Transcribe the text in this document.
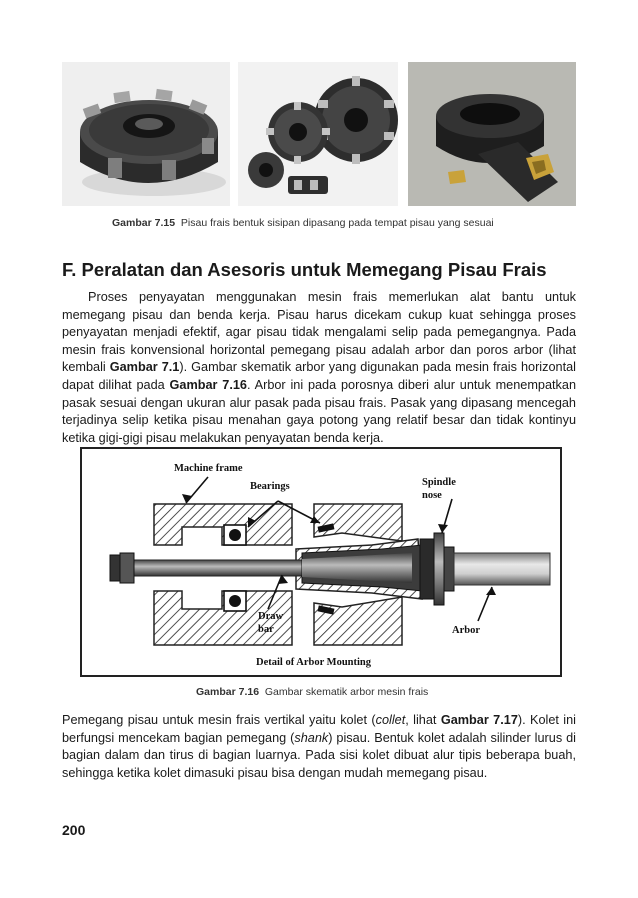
Gambar 7.15 Pisau frais bentuk sisipan dipasang pada tempat pisau yang sesuai
F. Peralatan dan Asesoris untuk Memegang Pisau Frais
Proses penyayatan menggunakan mesin frais memerlukan alat bantu untuk memegang pisau dan benda kerja. Pisau harus dicekam cukup kuat sehingga proses penyayatan menjadi efektif, agar pisau tidak mengalami selip pada pemegangnya. Pada mesin frais konvensional horizontal pemegang pisau adalah arbor dan poros arbor (lihat kembali Gambar 7.1). Gambar skematik arbor yang digunakan pada mesin frais horizontal dapat dilihat pada Gambar 7.16. Arbor ini pada porosnya diberi alur untuk menempatkan pasak sesuai dengan ukuran alur pasak pada pisau frais. Pasak yang dipasang mencegah terjadinya selip ketika pisau menahan gaya potong yang relatif besar dan tidak kontinyu ketika gigi-gigi pisau melakukan penyayatan benda kerja.
Machine frame
Bearings	Spindle
nose
Draw
bar	Arbor
Detail of Arbor Mounting
Gambar 7.16 Gambar skematik arbor mesin frais
Pemegang pisau untuk mesin frais vertikal yaitu kolet (collet, lihat Gambar 7.17). Kolet ini berfungsi mencekam bagian pemegang (shank) pisau. Bentuk kolet adalah silinder lurus di bagian dalam dan tirus di bagian luarnya. Pada sisi kolet dibuat alur tipis beberapa buah, sehingga ketika kolet dimasuki pisau bisa dengan mudah memegang pisau.
200
